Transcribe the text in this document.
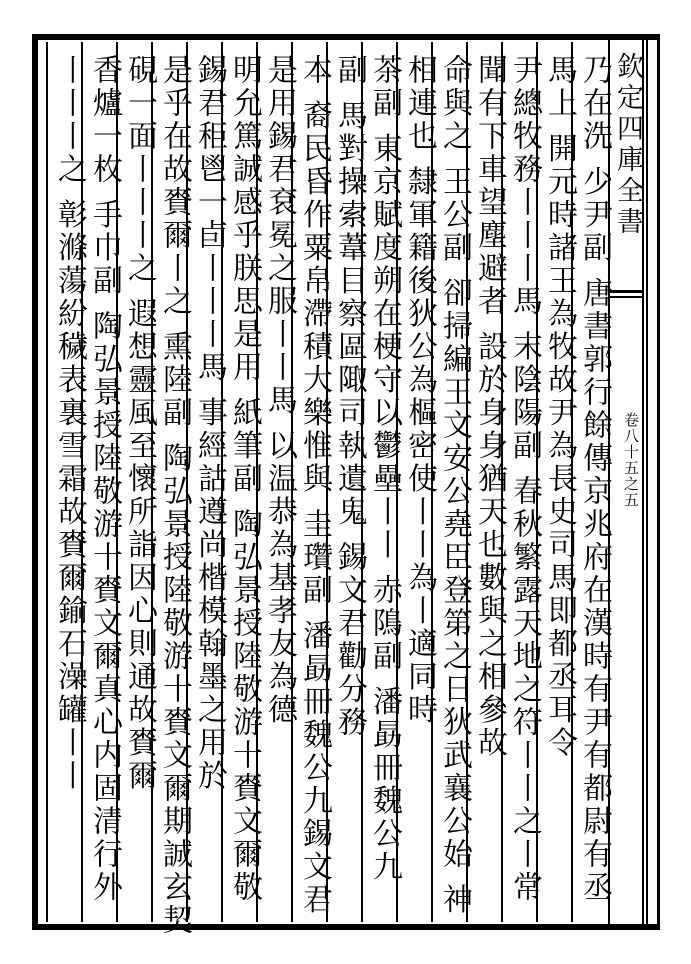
欽定四庫全書
卷八十五之五
乃在洗 少尹副 唐書郭行餘傳京兆府在漢時有尹有都尉有丞
馬上 開元時諸王為牧故尹為長史司馬即都丞耳令
尹總牧務丨丨丨馬 末陰陽副 春秋繁露天地之符丨丨之丨常
聞有下車望塵避者 設於身身猶天也數與之相參故
命與之 王公副 卻掃編王文安公堯臣登第之日狄武襄公始 神
相連也 隸軍籍後狄公為樞密使丨丨為丨適同時
茶副 東京賦度朔在梗守以鬱壘丨丨 赤隝副 潘勗冊魏公九
副 馬對操索葦目察區陬司執遺鬼 錫文君勸分務
本 裔民昏作粟帛滯積大樂惟與 圭瓚副 潘勗冊魏公九錫文君
是用錫君袞冕之服丨丨馬 以温恭為基孝友為德
明允篤誠感乎朕思是用 紙筆副 陶弘景授陸敬游十賚文爾敬
錫君秬鬯一卣丨丨丨馬 事經詁遵尚楷模翰墨之用於
是乎在故賚爾丨之 熏陸副 陶弘景授陸敬游十賚文爾期誠玄契
硯一面丨丨丨之 遐想靈風至懷所詣因心則通故賚爾
香爐一枚 手巾副 陶弘景授陸敬游十賚文爾真心内固清行外
丨丨丨之 彰滌蕩紛穢表裏雪霜故賚爾鍮石澡罐丨丨
